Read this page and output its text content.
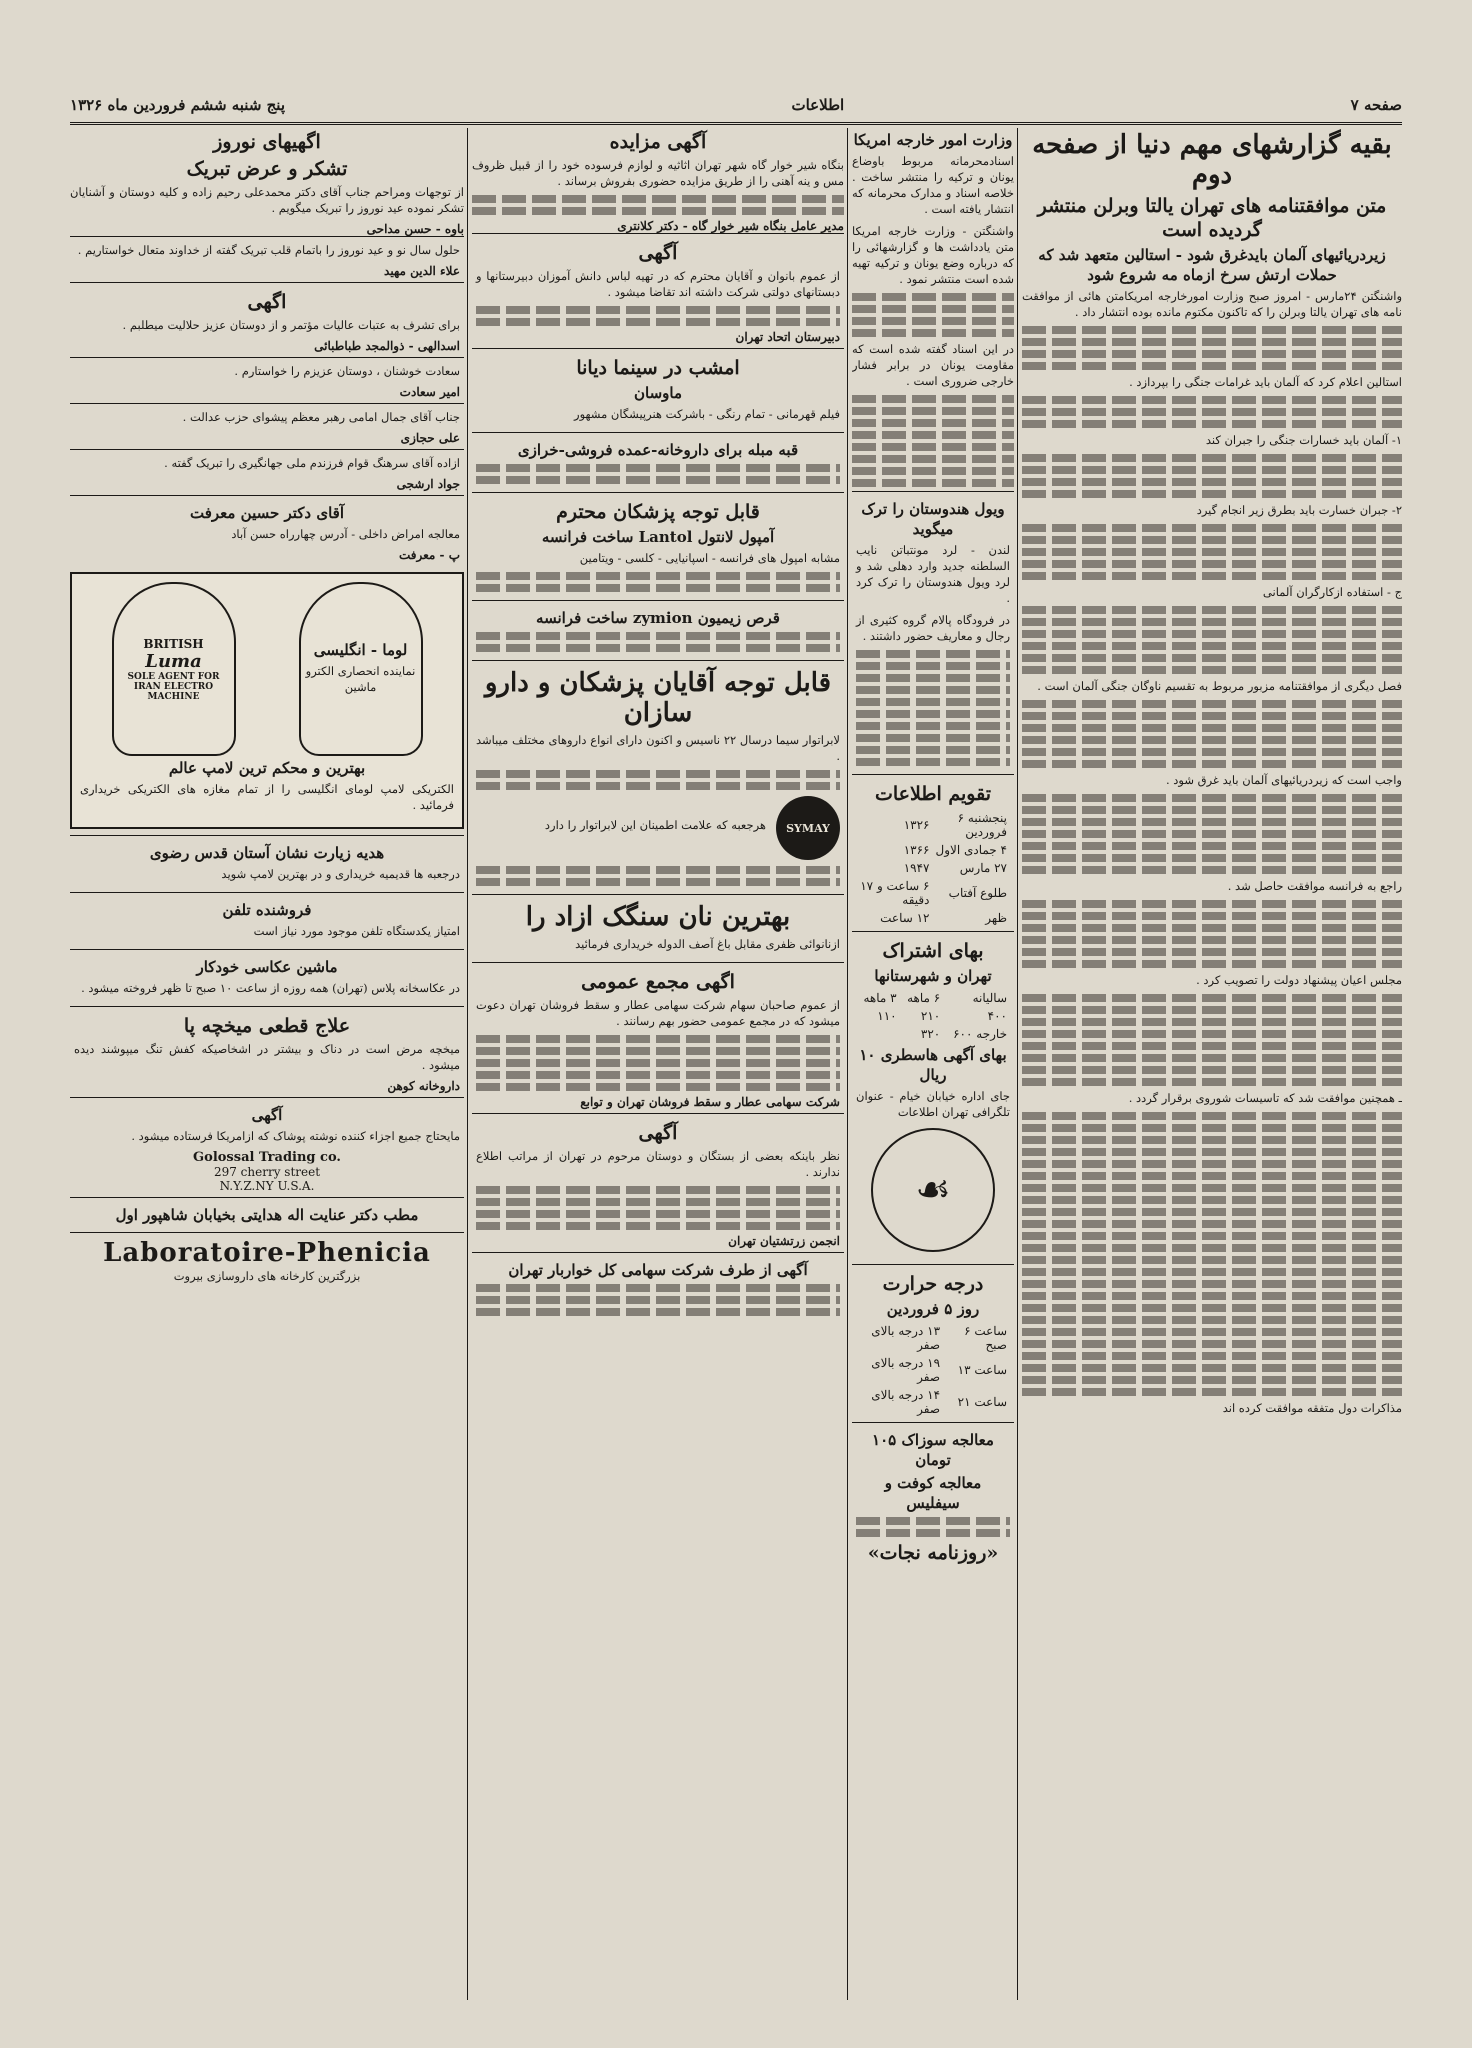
صفحه ۷
اطلاعات
پنج شنبه ششم فروردین ماه ۱۳۲۶
بقیه گزارشهای مهم دنیا از صفحه دوم
متن موافقتنامه های تهران یالتا وبرلن منتشر گردیده است
زیردریائیهای آلمان بایدغرق شود - استالین متعهد شد که حملات ارتش سرخ ازماه مه شروع شود

واشنگتن ۲۴مارس - امروز صبح وزارت امورخارجه امریکامتن هائی از موافقت نامه های تهران یالتا وبرلن را که تاکنون مکتوم مانده بوده انتشار داد .

استالین اعلام کرد که آلمان باید غرامات جنگی را بپردازد .

۱- آلمان باید خسارات جنگی را جبران کند

۲- جبران خسارت باید بطرق زیر انجام گیرد

ج - استفاده ازکارگران آلمانی

فصل دیگری از موافقتنامه مزبور مربوط به تقسیم ناوگان جنگی آلمان است .

واجب است که زیردریائیهای آلمان باید غرق شود .

راجع به فرانسه موافقت حاصل شد .

مجلس اعیان پیشنهاد دولت را تصویب کرد .

ـ همچنین موافقت شد که تاسیسات شوروی برقرار گردد .

مذاکرات دول متفقه موافقت کرده اند

وزارت امور خارجه امریکا

اسنادمحرمانه مربوط باوضاع یونان و ترکیه را منتشر ساخت . خلاصه اسناد و مدارک محرمانه که انتشار یافته است .

واشنگتن - وزارت خارجه امریکا متن یادداشت ها و گزارشهائی را که درباره وضع یونان و ترکیه تهیه شده است منتشر نمود .

در این اسناد گفته شده است که مقاومت یونان در برابر فشار خارجی ضروری است .

ویول هندوستان را ترک میگوید

لندن - لرد مونتباتن نایب السلطنه جدید وارد دهلی شد و لرد ویول هندوستان را ترک کرد .

در فرودگاه پالام گروه کثیری از رجال و معاریف حضور داشتند .

تقویم اطلاعات
پنجشنبه ۶ فروردین	۱۳۲۶
۴ جمادی الاول	۱۳۶۶
۲۷ مارس	۱۹۴۷
طلوع آفتاب	۶ ساعت و ۱۷ دقیقه
ظهر	۱۲ ساعت
بهای اشتراک
تهران و شهرستانها
سالیانه	۶ ماهه	۳ ماهه
۴۰۰	۲۱۰	۱۱۰
خارجه ۶۰۰	۳۲۰	
بهای آگهی هاسطری ۱۰ ریال

جای اداره خیابان خیام - عنوان تلگرافی تهران اطلاعات

☙
درجه حرارت
روز ۵ فروردین
ساعت ۶ صبح	۱۳ درجه بالای صفر
ساعت ۱۳	۱۹ درجه بالای صفر
ساعت ۲۱	۱۴ درجه بالای صفر
معالجه سوزاک ۱۰۵ تومان
معالجه کوفت و سیفلیس
«روزنامه نجات»
آگهی مزایده

بنگاه شیر خوار گاه شهر تهران اثاثیه و لوازم فرسوده خود را از قبیل ظروف مس و ینه آهنی را از طریق مزایده حضوری بفروش برساند .

مدیر عامل بنگاه شیر خوار گاه - دکتر کلانتری
آگهی

از عموم بانوان و آقایان محترم که در تهیه لباس دانش آموزان دبیرستانها و دبستانهای دولتی شرکت داشته اند تقاضا میشود .

دبیرستان اتحاد تهران
امشب در سینما دیانا
ماوسان

فیلم قهرمانی - تمام رنگی - باشرکت هنرپیشگان مشهور

قبه مبله برای داروخانه-عمده فروشی-خرازی
قابل توجه پزشکان محترم
آمپول لانتول Lantol ساخت فرانسه

مشابه امپول های فرانسه - اسپانیایی - کلسی - ویتامین

قرص زیمیون zymion ساخت فرانسه
قابل توجه آقایان پزشکان و دارو سازان

لابراتوار سیما درسال ۲۲ ناسیس و اکنون دارای انواع داروهای مختلف میباشد .

SYMAY

هرجعبه که علامت اطمینان این لابراتوار را دارد

بهترین نان سنگک ازاد را

ازنانوائی ظفری مقابل باغ آصف الدوله خریداری فرمائید

اگهی مجمع عمومی

از عموم صاحبان سهام شرکت سهامی عطار و سقط فروشان تهران دعوت میشود که در مجمع عمومی حضور بهم رسانند .

شرکت سهامی عطار و سقط فروشان تهران و توابع
آگهی

نظر باینکه بعضی از بستگان و دوستان مرحوم در تهران از مراتب اطلاع ندارند .

انجمن زرتشتیان تهران
آگهی از طرف شرکت سهامی کل خواربار تهران
اگهیهای نوروز
تشکر و عرض تبریک

از توجهات ومراحم جناب آقای دکتر محمدعلی رحیم زاده و کلیه دوستان و آشنایان تشکر نموده عید نوروز را تبریک میگویم .

باوه - حسن مداحی

حلول سال نو و عید نوروز را باتمام قلب تبریک گفته از خداوند متعال خواستاریم .

علاء الدین مهید
اگهی

برای تشرف به عتبات عالیات مؤتمر و از دوستان عزیز حلالیت میطلبم .

اسدالهی - ذوالمجد طباطبائی

سعادت خوشنان ، دوستان عزیزم را خواستارم .

امیر سعادت

جناب آقای جمال امامی رهبر معظم پیشوای حزب عدالت .

علی حجازی

ازاده آقای سرهنگ قوام فرزندم ملی جهانگیری را تبریک گفته .

جواد ارشجی
آقای دکتر حسین معرفت

معالجه امراض داخلی - آدرس چهارراه حسن آباد

پ - معرفت
لوما - انگلیسی
نماینده انحصاری الکترو ماشین
BRITISH
Luma
SOLE AGENT FOR IRAN ELECTRO MACHINE
بهترین و محکم ترین لامپ عالم

الکتریکی لامپ لومای انگلیسی را از تمام مغازه های الکتریکی خریداری فرمائید .

هدیه زیارت نشان آستان قدس رضوی

درجعبه ها قدیمیه خریداری و در بهترین لامپ شوید

فروشنده تلفن

امتیاز یکدستگاه تلفن موجود مورد نیاز است

ماشین عکاسی خودکار

در عکاسخانه پلاس (تهران) همه روزه از ساعت ۱۰ صبح تا ظهر فروخته میشود .

علاج قطعی میخچه پا

میخچه مرض است در دناک و بیشتر در اشخاصیکه کفش تنگ میپوشند دیده میشود .

داروخانه کوهن
آگهی

مایحتاج جمیع اجزاء کننده نوشته پوشاک که ازامریکا فرستاده میشود .

Golossal Trading co.
297 cherry street
N.Y.Z.NY U.S.A.
مطب دکتر عنایت اله هدایتی بخیابان شاهپور اول
Laboratoire-Phenicia

بزرگترین کارخانه های داروسازی بیروت
